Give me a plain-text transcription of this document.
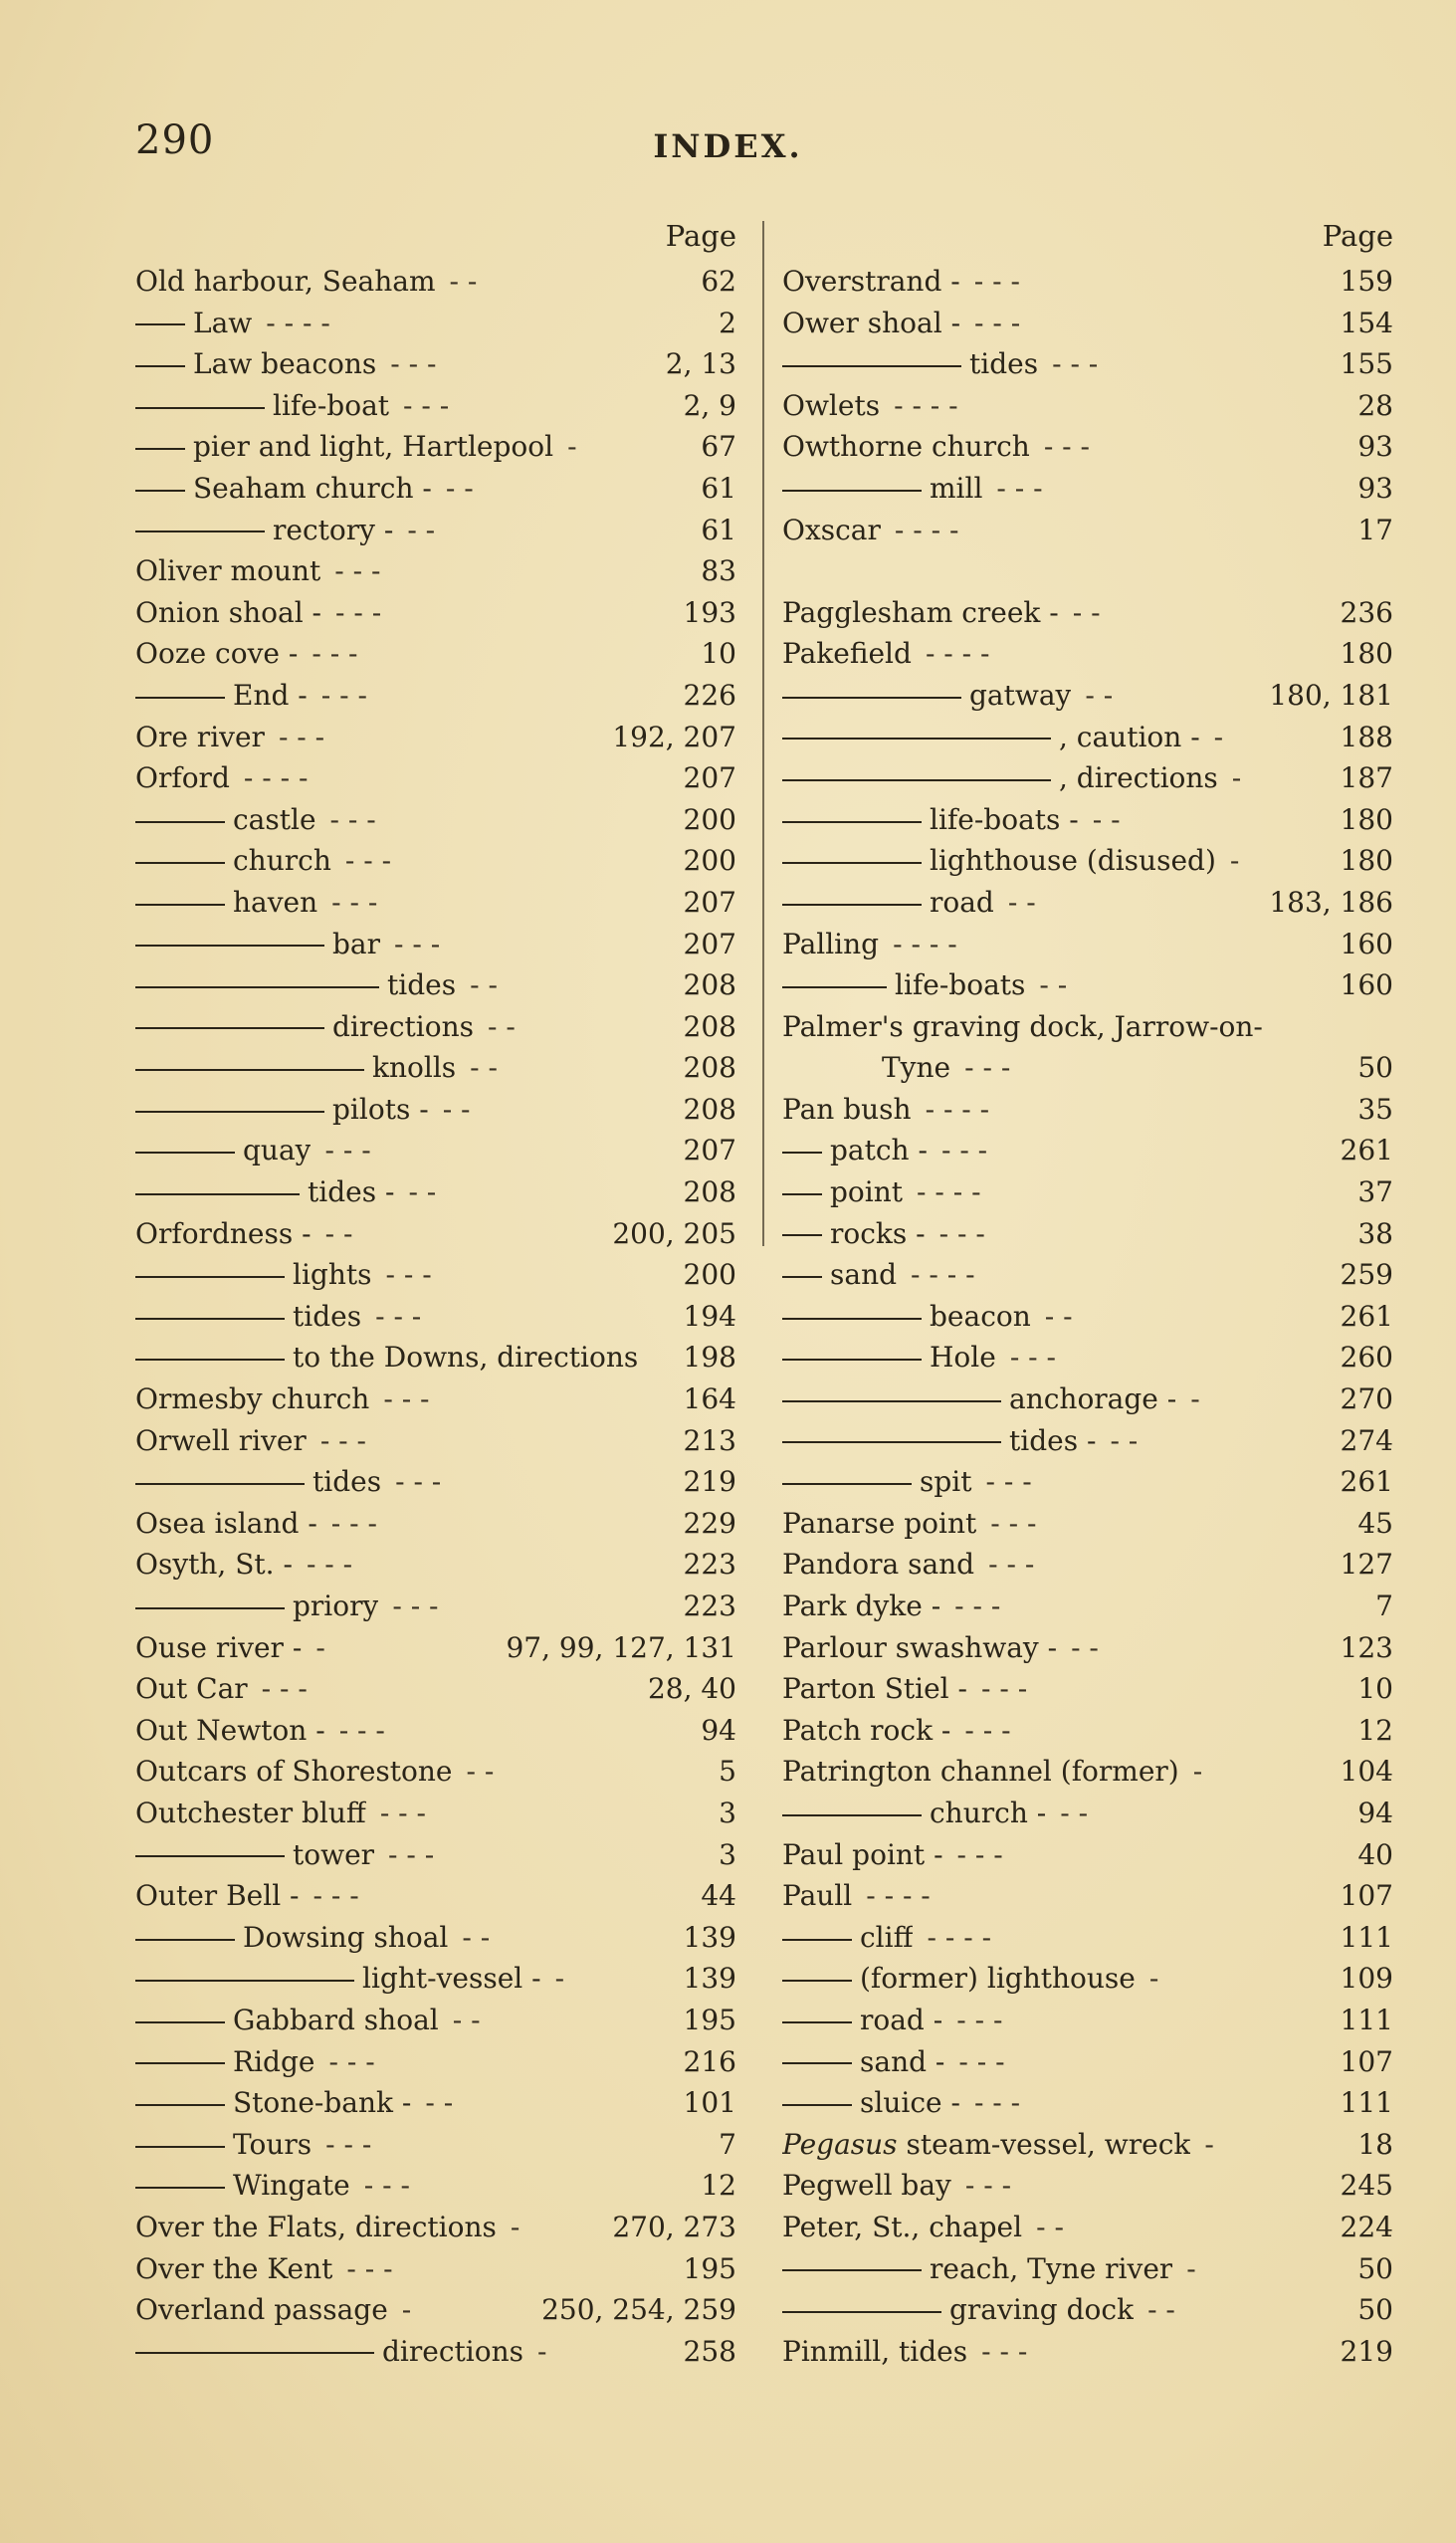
290	INDEX.
Page
Old harbour, Seaham - -	62
Law - - - -	2
Law beacons - - -	2, 13
life-boat - - -	2, 9
pier and light, Hartlepool -	67
Seaham church - - -	61
rectory - - -	61
Oliver mount - - -	83
Onion shoal - - - -	193
Ooze cove - - - -	10
End - - - -	226
Ore river - - -	192, 207
Orford - - - -	207
castle - - -	200
church - - -	200
haven - - -	207
bar - - -	207
tides - -	208
directions - -	208
knolls - -	208
pilots - - -	208
quay - - -	207
tides - - -	208
Orfordness - - -	200, 205
lights - - -	200
tides - - -	194
to the Downs, directions	198
Ormesby church - - -	164
Orwell river - - -	213
tides - - -	219
Osea island - - - -	229
Osyth, St. - - - -	223
priory - - -	223
Ouse river - -	97, 99, 127, 131
Out Car - - -	28, 40
Out Newton - - - -	94
Outcars of Shorestone - -	5
Outchester bluff - - -	3
tower - - -	3
Outer Bell - - - -	44
Dowsing shoal - -	139
light-vessel - -	139
Gabbard shoal - -	195
Ridge - - -	216
Stone-bank - - -	101
Tours - - -	7
Wingate - - -	12
Over the Flats, directions -	270, 273
Over the Kent - - -	195
Overland passage -	250, 254, 259
directions -	258
Page
Overstrand - - - -	159
Ower shoal - - - -	154
tides - - -	155
Owlets - - - -	28
Owthorne church - - -	93
mill - - -	93
Oxscar - - - -	17
Pagglesham creek - - -	236
Pakefield - - - -	180
gatway - -	180, 181
, caution - -	188
, directions -	187
life-boats - - -	180
lighthouse (disused) -	180
road - -	183, 186
Palling - - - -	160
life-boats - -	160
Palmer's graving dock, Jarrow-on-
Tyne - - -	50
Pan bush - - - -	35
patch - - - -	261
point - - - -	37
rocks - - - -	38
sand - - - -	259
beacon - -	261
Hole - - -	260
anchorage - -	270
tides - - -	274
spit - - -	261
Panarse point - - -	45
Pandora sand - - -	127
Park dyke - - - -	7
Parlour swashway - - -	123
Parton Stiel - - - -	10
Patch rock - - - -	12
Patrington channel (former) -	104
church - - -	94
Paul point - - - -	40
Paull - - - -	107
cliff - - - -	111
(former) lighthouse -	109
road - - - -	111
sand - - - -	107
sluice - - - -	111
Pegasus steam-vessel, wreck -	18
Pegwell bay - - -	245
Peter, St., chapel - -	224
reach, Tyne river -	50
graving dock - -	50
Pinmill, tides - - -	219
